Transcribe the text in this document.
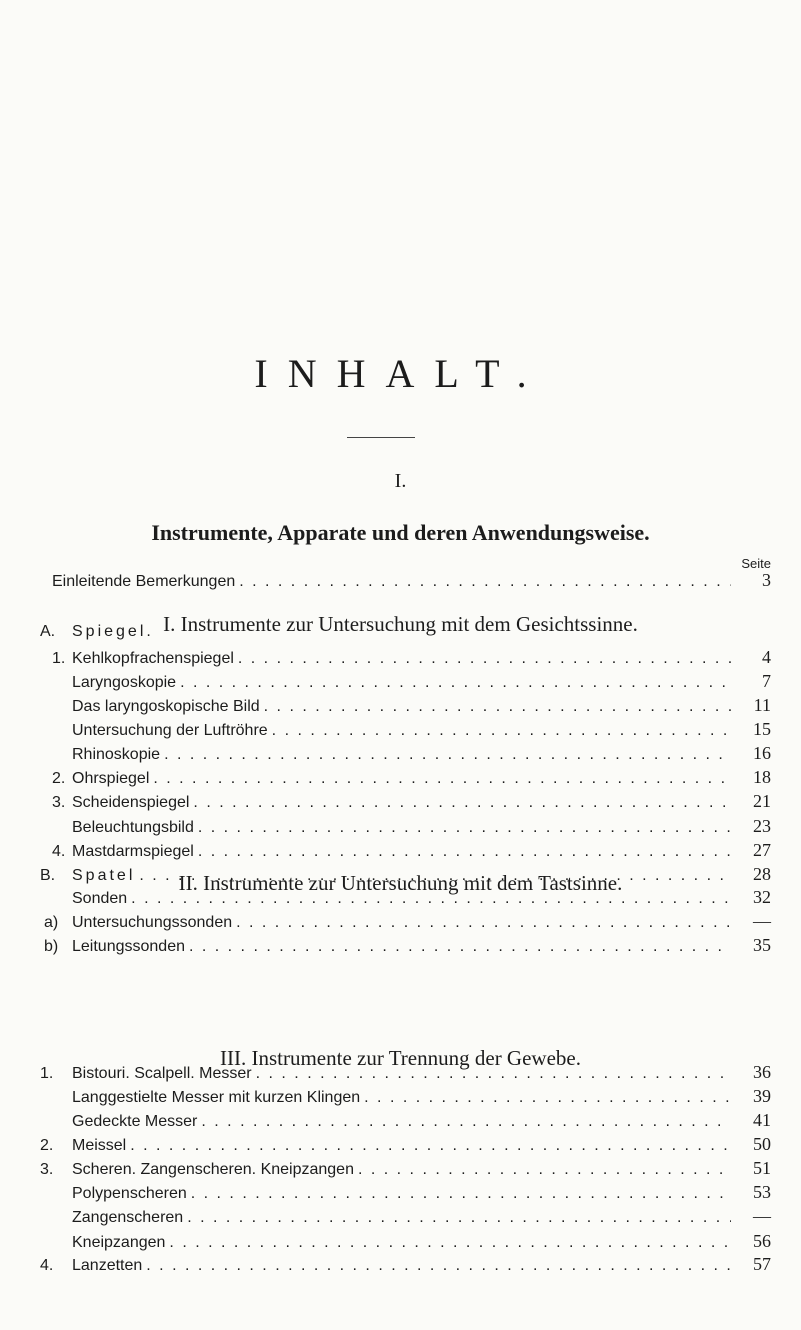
INHALT.
I.
Instrumente, Apparate und deren Anwendungsweise.
Seite
Einleitende Bemerkungen . . .	3
I. Instrumente zur Untersuchung mit dem Gesichtssinne.
A.	Spiegel.
1. Kehlkopfrachenspiegel . . .	4
Laryngoskopie . . .	7
Das laryngoskopische Bild . . .	11
Untersuchung der Luftröhre . . .	15
Rhinoskopie . . .	16
2. Ohrspiegel . . .	18
3. Scheidenspiegel . . .	21
Beleuchtungsbild . . .	23
4. Mastdarmspiegel . . .	27
B.	Spatel . . .	28
II. Instrumente zur Untersuchung mit dem Tastsinne.
Sonden . . .	32
a) Untersuchungssonden . . .	—
b) Leitungssonden . . .	35
III. Instrumente zur Trennung der Gewebe.
1.	Bistouri. Scalpell. Messer . . .	36
Langgestielte Messer mit kurzen Klingen . . .	39
Gedeckte Messer . . .	41
2.	Meissel . . .	50
3.	Scheren. Zangenscheren. Kneipzangen . . .	51
Polypenscheren . . .	53
Zangenscheren . . .	—
Kneipzangen . . .	56
4.	Lanzetten . . .	57
